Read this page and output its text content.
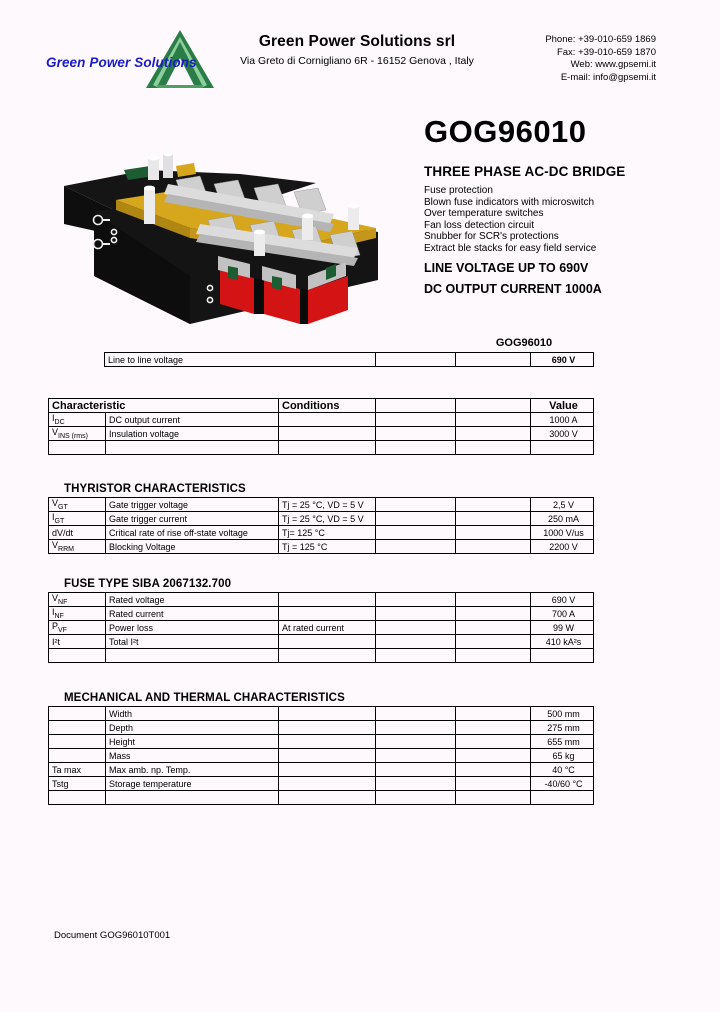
Green Power Solutions
Green Power Solutions srl
Via Greto di Cornigliano 6R - 16152 Genova , Italy
Phone: +39-010-659 1869
Fax: +39-010-659 1870
Web: www.gpsemi.it
E-mail: info@gpsemi.it
GOG96010
THREE PHASE AC-DC BRIDGE
Fuse protection
Blown fuse indicators with microswitch
Over temperature switches
Fan loss detection circuit
Snubber for SCR's protections
Extract ble stacks for easy field service
LINE VOLTAGE UP TO 690V
DC OUTPUT CURRENT 1000A
GOG96010
Line to line voltage			690 V
Characteristic		Conditions			Value
$I_{DC}$	DC output current				1000 A
$V_{INS (rms)}$	Insulation voltage				3000 V

THYRISTOR CHARACTERISTICS
$V_{GT}$	Gate trigger voltage	Tj = 25 °C, VD = 5 V			2,5 V
$I_{GT}$	Gate trigger current	Tj = 25 °C, VD = 5 V			250 mA
dV/dt	Critical rate of rise off-state voltage	Tj= 125 °C			1000 V/us
$V_{RRM}$	Blocking Voltage	Tj = 125 °C			2200 V
FUSE TYPE SIBA 2067132.700
$V_{NF}$	Rated voltage				690 V
$I_{NF}$	Rated current				700 A
$P_{VF}$	Power loss	At rated current			99 W
I²t	Total I²t				410 kA²s

MECHANICAL AND THERMAL CHARACTERISTICS
	Width				500 mm
	Depth				275 mm
	Height				655 mm
	Mass				65 kg
Ta max	Max amb. np. Temp.				40 °C
Tstg	Storage temperature				-40/60 °C

Document GOG96010T001
